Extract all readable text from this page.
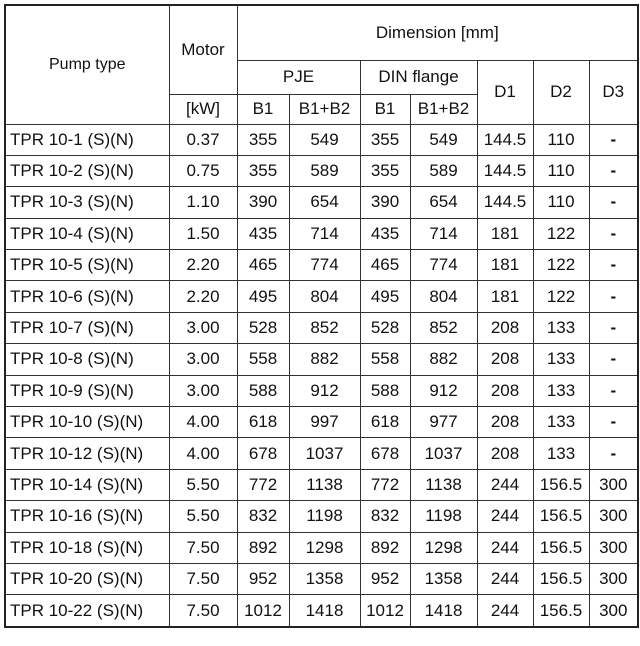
Pump type	Motor	Dimension [mm]						
		PJE		DIN flange		D1	D2	D3
	[kW]	B1	B1+B2	B1	B1+B2			
TPR 10-1 (S)(N)	0.37	355	549	355	549	144.5	110	-
TPR 10-2 (S)(N)	0.75	355	589	355	589	144.5	110	-
TPR 10-3 (S)(N)	1.10	390	654	390	654	144.5	110	-
TPR 10-4 (S)(N)	1.50	435	714	435	714	181	122	-
TPR 10-5 (S)(N)	2.20	465	774	465	774	181	122	-
TPR 10-6 (S)(N)	2.20	495	804	495	804	181	122	-
TPR 10-7 (S)(N)	3.00	528	852	528	852	208	133	-
TPR 10-8 (S)(N)	3.00	558	882	558	882	208	133	-
TPR 10-9 (S)(N)	3.00	588	912	588	912	208	133	-
TPR 10-10 (S)(N)	4.00	618	997	618	977	208	133	-
TPR 10-12 (S)(N)	4.00	678	1037	678	1037	208	133	-
TPR 10-14 (S)(N)	5.50	772	1138	772	1138	244	156.5	300
TPR 10-16 (S)(N)	5.50	832	1198	832	1198	244	156.5	300
TPR 10-18 (S)(N)	7.50	892	1298	892	1298	244	156.5	300
TPR 10-20 (S)(N)	7.50	952	1358	952	1358	244	156.5	300
TPR 10-22 (S)(N)	7.50	1012	1418	1012	1418	244	156.5	300
